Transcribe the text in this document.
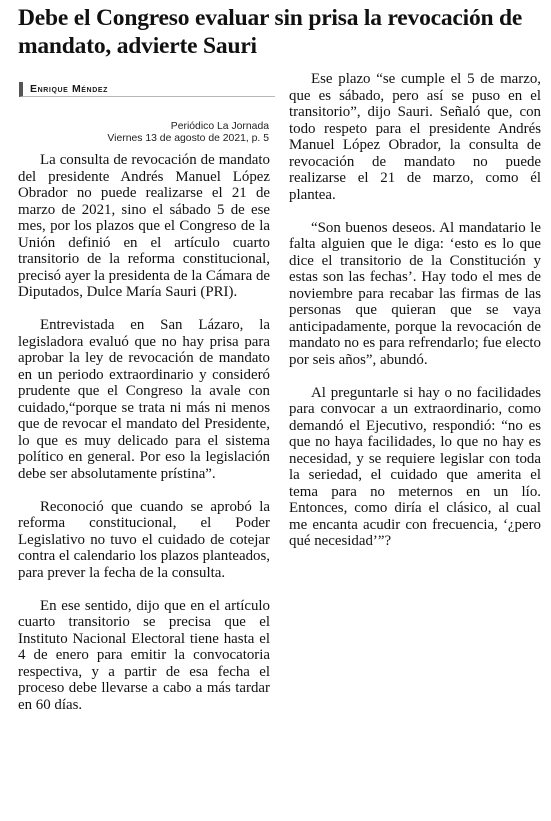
Debe el Congreso evaluar sin prisa la revocación de mandato, advierte Sauri
Enrique Méndez
Periódico La Jornada
Viernes 13 de agosto de 2021, p. 5

La consulta de revocación de mandato del presidente Andrés Manuel López Obrador no puede realizarse el 21 de marzo de 2021, sino el sábado 5 de ese mes, por los plazos que el Congreso de la Unión definió en el artículo cuarto transitorio de la reforma constitucional, precisó ayer la presidenta de la Cámara de Diputados, Dulce María Sauri (PRI).

Entrevistada en San Lázaro, la legisladora evaluó que no hay prisa para aprobar la ley de revocación de mandato en un periodo extraordinario y consideró prudente que el Congreso la avale con cuidado,“porque se trata ni más ni menos que de revocar el mandato del Presidente, lo que es muy delicado para el sistema político en general. Por eso la legislación debe ser absolutamente prístina”.

Reconoció que cuando se aprobó la reforma constitucional, el Poder Legislativo no tuvo el cuidado de cotejar contra el calendario los plazos planteados, para prever la fecha de la consulta.

En ese sentido, dijo que en el artículo cuarto transitorio se precisa que el Instituto Nacional Electoral tiene hasta el 4 de enero para emitir la convocatoria respectiva, y a partir de esa fecha el proceso debe llevarse a cabo a más tardar en 60 días.

Ese plazo “se cumple el 5 de marzo, que es sábado, pero así se puso en el transitorio”, dijo Sauri. Señaló que, con todo respeto para el presidente Andrés Manuel López Obrador, la consulta de revocación de mandato no puede realizarse el 21 de marzo, como él plantea.

“Son buenos deseos. Al mandatario le falta alguien que le diga: ‘esto es lo que dice el transitorio de la Constitución y estas son las fechas’. Hay todo el mes de noviembre para recabar las firmas de las personas que quieran que se vaya anticipadamente, porque la revocación de mandato no es para refrendarlo; fue electo por seis años”, abundó.

Al preguntarle si hay o no facilidades para convocar a un extraordinario, como demandó el Ejecutivo, respondió: “no es que no haya facilidades, lo que no hay es necesidad, y se requiere legislar con toda la seriedad, el cuidado que amerita el tema para no meternos en un lío. Entonces, como diría el clásico, al cual me encanta acudir con frecuencia, ‘¿pero qué necesidad’”?
